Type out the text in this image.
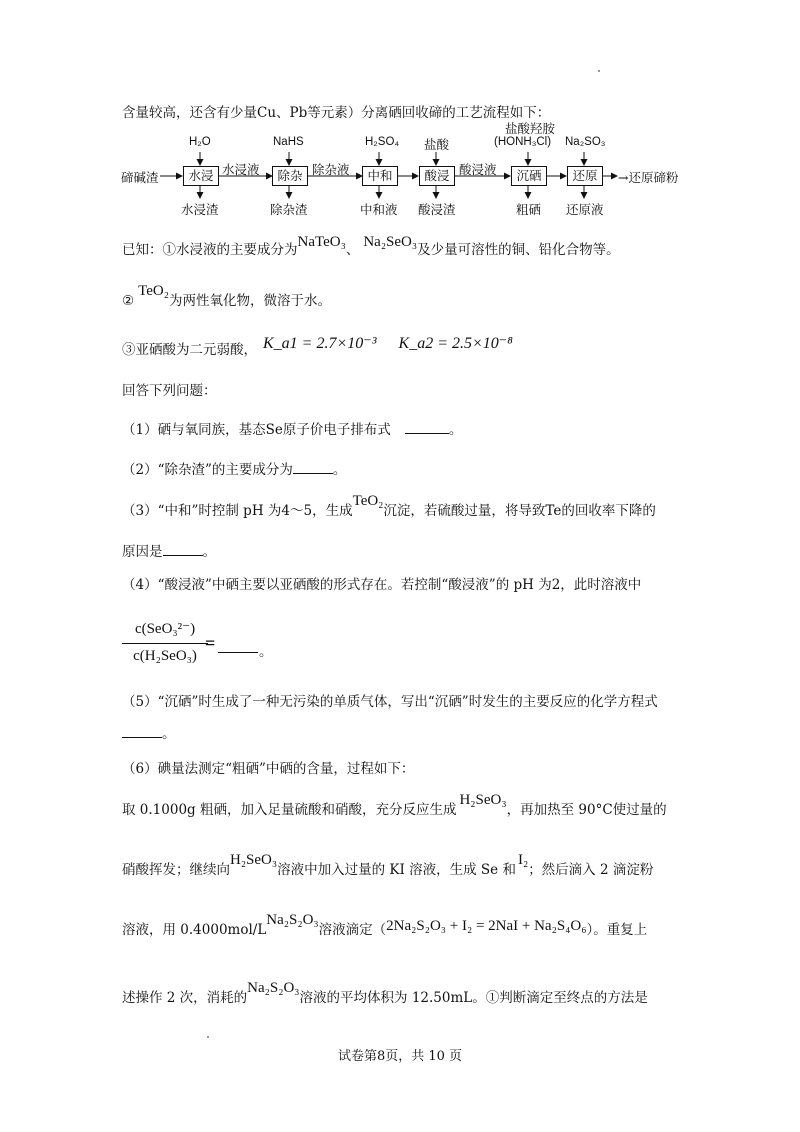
含量较高，还含有少量Cu、Pb等元素）分离硒回收碲的工艺流程如下：
碲碱渣	水浸	除杂	中和	酸浸	沉硒	还原	→还原碲粉
H₂O	NaHS	H₂SO₄ 盐酸
盐酸羟胺
(HONH₃Cl) Na₂SO₃
水浸液	除杂液	酸浸液
水浸渣	除杂渣	中和液 酸浸渣	粗硒 还原液
已知：①水浸液的主要成分为NaTeO₃、 Na₂SeO₃及少量可溶性的铜、铅化合物等。
②TeO₂为两性氧化物，微溶于水。
③亚硒酸为二元弱酸， K_a1 = 2.7×10⁻³ K_a2 = 2.5×10⁻⁸
回答下列问题：
（1）硒与氧同族，基态Se原子价电子排布式	。
（2）“除杂渣”的主要成分为	。
（3）“中和”时控制 pH 为4～5，生成TeO₂沉淀，若硫酸过量，将导致Te的回收率下降的
原因是	。
（4）“酸浸液”中硒主要以亚硒酸的形式存在。若控制“酸浸液”的 pH 为2，此时溶液中
c(SeO₃²⁻)
c(H₂SeO₃)
=	。
（5）“沉硒”时生成了一种无污染的单质气体，写出“沉硒”时发生的主要反应的化学方程式
。
（6）碘量法测定“粗硒”中硒的含量，过程如下：
取 0.1000g 粗硒，加入足量硫酸和硝酸，充分反应生成H₂SeO₃，再加热至 90°C使过量的
硝酸挥发；继续向H₂SeO₃溶液中加入过量的 KI 溶液，生成 Se 和I₂；然后滴入 2 滴淀粉
溶液，用 0.4000mol/LNa₂S₂O₃溶液滴定（2Na₂S₂O₃ + I₂ = 2NaI + Na₂S₄O₆）。重复上
述操作 2 次，消耗的Na₂S₂O₃溶液的平均体积为 12.50mL。①判断滴定至终点的方法是
试卷第8页，共 10 页
